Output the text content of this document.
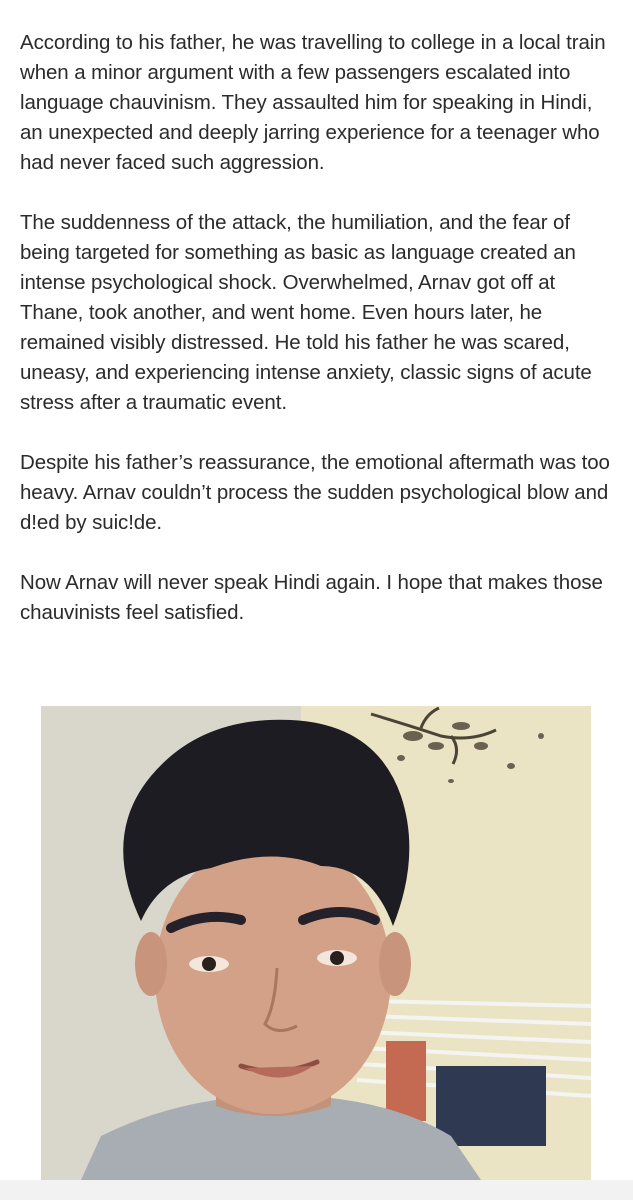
According to his father, he was travelling to college in a local train when a minor argument with a few passengers escalated into language chauvinism. They assaulted him for speaking in Hindi, an unexpected and deeply jarring experience for a teenager who had never faced such aggression.

The suddenness of the attack, the humiliation, and the fear of being targeted for something as basic as language created an intense psychological shock. Overwhelmed, Arnav got off at Thane, took another, and went home. Even hours later, he remained visibly distressed. He told his father he was scared, uneasy, and experiencing intense anxiety, classic signs of acute stress after a traumatic event.

Despite his father’s reassurance, the emotional aftermath was too heavy. Arnav couldn’t process the sudden psychological blow and d!ed by suic!de.

Now Arnav will never speak Hindi again. I hope that makes those chauvinists feel satisfied.
